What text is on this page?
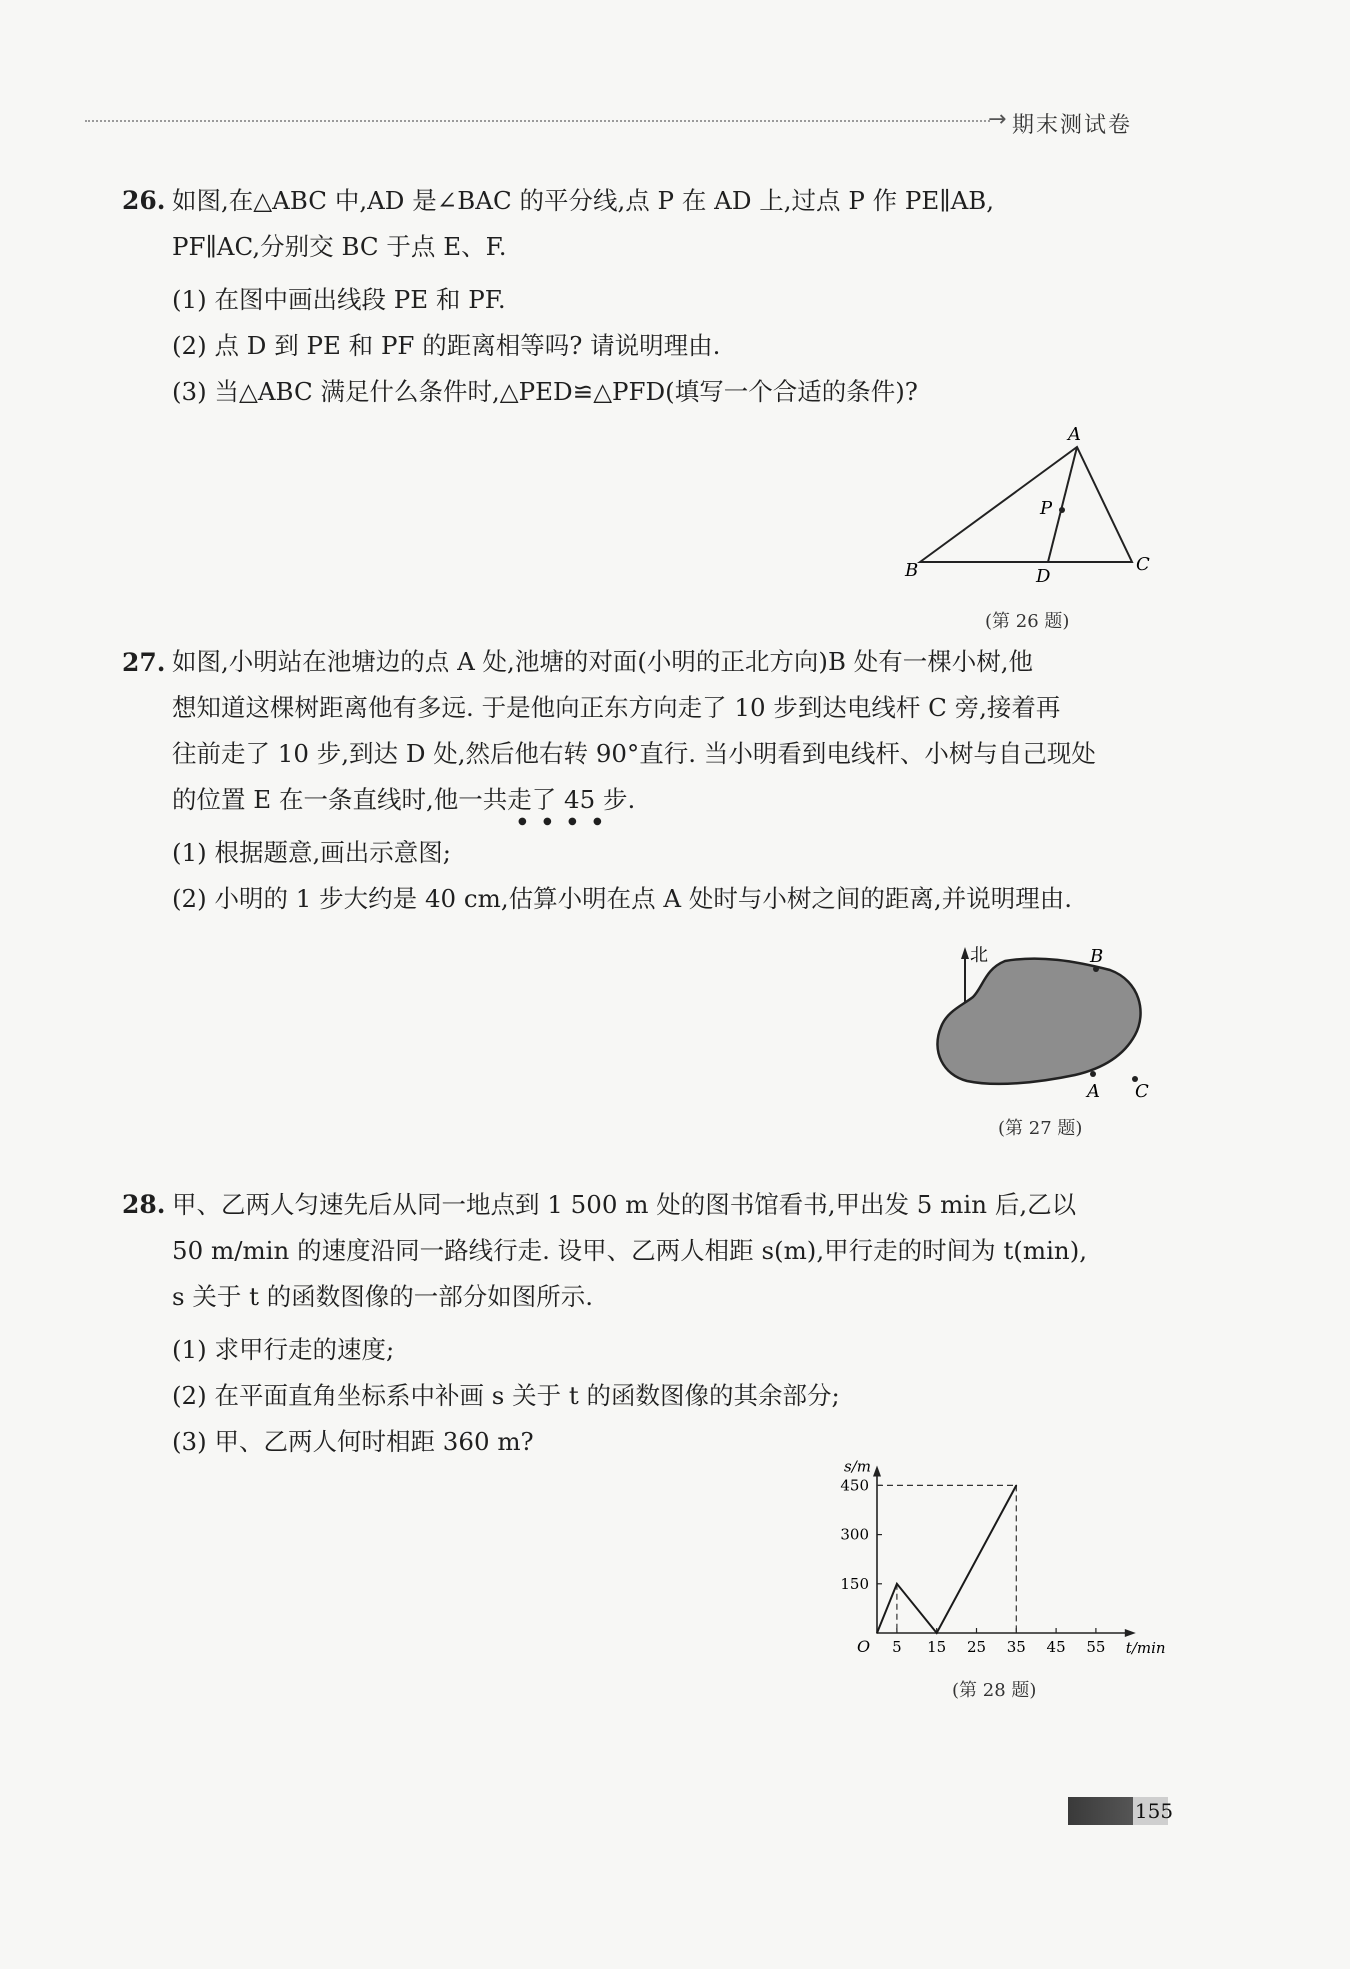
→ 期末测试卷
26. 如图,在△ABC 中,AD 是∠BAC 的平分线,点 P 在 AD 上,过点 P 作 PE∥AB,
PF∥AC,分别交 BC 于点 E、F.
(1) 在图中画出线段 PE 和 PF.
(2) 点 D 到 PE 和 PF 的距离相等吗? 请说明理由.
(3) 当△ABC 满足什么条件时,△PED≌△PFD(填写一个合适的条件)?
A
B	C
D
P
(第 26 题)
27. 如图,小明站在池塘边的点 A 处,池塘的对面(小明的正北方向)B 处有一棵小树,他
想知道这棵树距离他有多远. 于是他向正东方向走了 10 步到达电线杆 C 旁,接着再
往前走了 10 步,到达 D 处,然后他右转 90°直行. 当小明看到电线杆、小树与自己现处
的位置 E 在一条直线时,他一共走了 45 步.
● ● ● ●
(1) 根据题意,画出示意图;
(2) 小明的 1 步大约是 40 cm,估算小明在点 A 处时与小树之间的距离,并说明理由.
北	B
A C
(第 27 题)
28. 甲、乙两人匀速先后从同一地点到 1 500 m 处的图书馆看书,甲出发 5 min 后,乙以
50 m/min 的速度沿同一路线行走. 设甲、乙两人相距 s(m),甲行走的时间为 t(min),
s 关于 t 的函数图像的一部分如图所示.
(1) 求甲行走的速度;
(2) 在平面直角坐标系中补画 s 关于 t 的函数图像的其余部分;
(3) 甲、乙两人何时相距 360 m?
s/m
t/min
O 5 15 25 35 45 55
150
300
450
(第 28 题)
155
